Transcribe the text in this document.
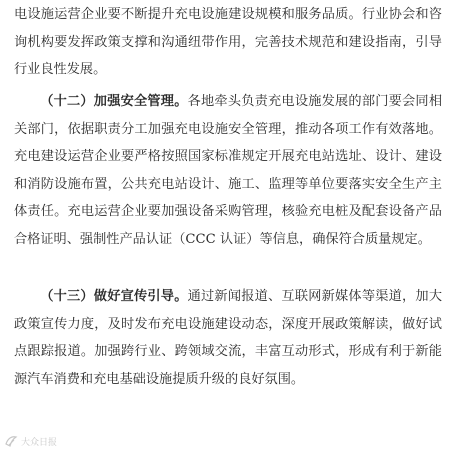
电设施运营企业要不断提升充电设施建设规模和服务品质。行业协会和咨询机构要发挥政策支撑和沟通纽带作用，完善技术规范和建设指南，引导行业良性发展。

（十二）加强安全管理。各地牵头负责充电设施发展的部门要会同相关部门，依据职责分工加强充电设施安全管理，推动各项工作有效落地。充电建设运营企业要严格按照国家标准规定开展充电站选址、设计、建设和消防设施布置，公共充电站设计、施工、监理等单位要落实安全生产主体责任。充电运营企业要加强设备采购管理，核验充电桩及配套设备产品合格证明、强制性产品认证（CCC 认证）等信息，确保符合质量规定。

（十三）做好宣传引导。通过新闻报道、互联网新媒体等渠道，加大政策宣传力度，及时发布充电设施建设动态，深度开展政策解读，做好试点跟踪报道。加强跨行业、跨领域交流，丰富互动形式，形成有利于新能源汽车消费和充电基础设施提质升级的良好氛围。

大众日报
